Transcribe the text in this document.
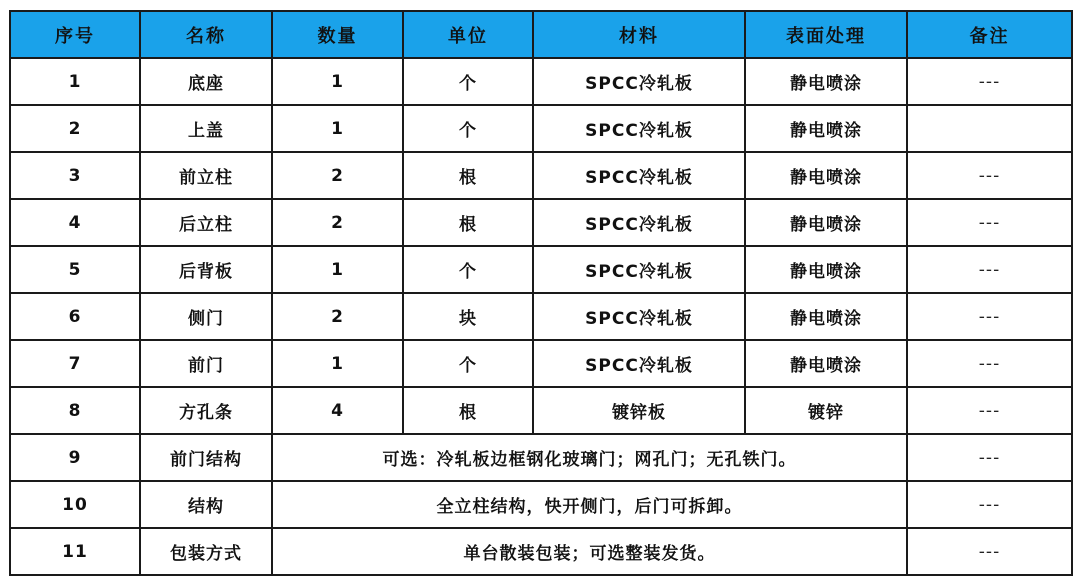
序号	名称	数量	单位	材料	表面处理	备注
1	底座	1	个	SPCC冷轧板	静电喷涂	---
2	上盖	1	个	SPCC冷轧板	静电喷涂	
3	前立柱	2	根	SPCC冷轧板	静电喷涂	---
4	后立柱	2	根	SPCC冷轧板	静电喷涂	---
5	后背板	1	个	SPCC冷轧板	静电喷涂	---
6	侧门	2	块	SPCC冷轧板	静电喷涂	---
7	前门	1	个	SPCC冷轧板	静电喷涂	---
8	方孔条	4	根	镀锌板	镀锌	---
9	前门结构	可选：冷轧板边框钢化玻璃门；网孔门；无孔铁门。				---
10	结构	全立柱结构，快开侧门，后门可拆卸。				---
11	包装方式	单台散装包装；可选整装发货。				---
